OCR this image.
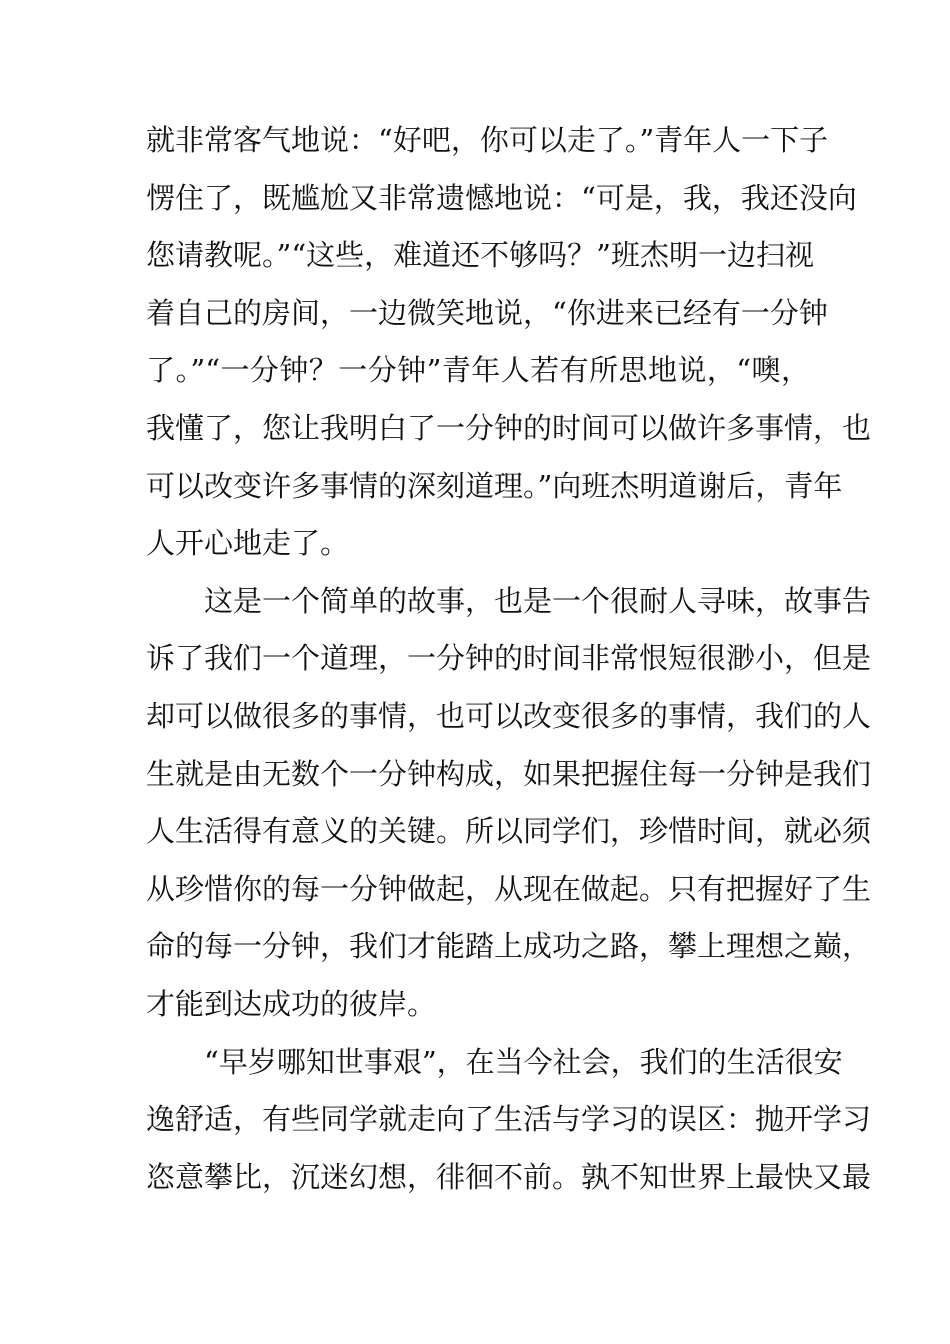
就非常客气地说：“好吧，你可以走了。”青年人一下子
愣住了，既尴尬又非常遗憾地说：“可是，我，我还没向
您请教呢。”“这些，难道还不够吗？”班杰明一边扫视
着自己的房间，一边微笑地说，“你进来已经有一分钟
了。”“一分钟？一分钟”青年人若有所思地说，“噢，
我懂了，您让我明白了一分钟的时间可以做许多事情，也
可以改变许多事情的深刻道理。”向班杰明道谢后，青年
人开心地走了。
这是一个简单的故事，也是一个很耐人寻味，故事告
诉了我们一个道理，一分钟的时间非常恨短很渺小，但是
却可以做很多的事情，也可以改变很多的事情，我们的人
生就是由无数个一分钟构成，如果把握住每一分钟是我们
人生活得有意义的关键。所以同学们，珍惜时间，就必须
从珍惜你的每一分钟做起，从现在做起。只有把握好了生
命的每一分钟，我们才能踏上成功之路，攀上理想之巅，
才能到达成功的彼岸。
“早岁哪知世事艰”，在当今社会，我们的生活很安
逸舒适，有些同学就走向了生活与学习的误区：抛开学习
恣意攀比，沉迷幻想，徘徊不前。孰不知世界上最快又最
